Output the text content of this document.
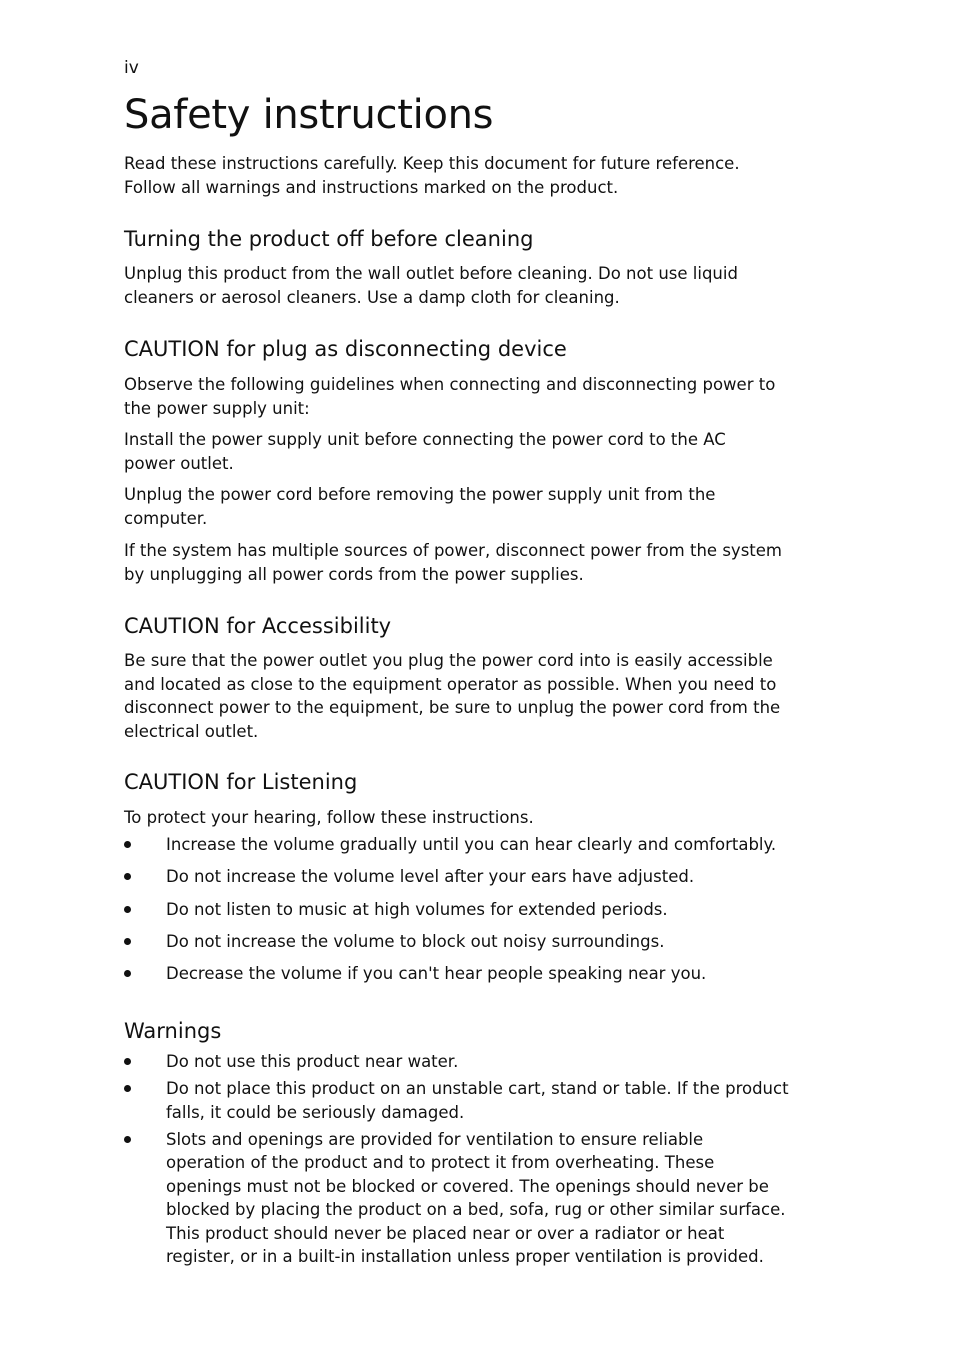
iv

Safety instructions

Read these instructions carefully. Keep this document for future reference.

Follow all warnings and instructions marked on the product.

Turning the product off before cleaning

Unplug this product from the wall outlet before cleaning. Do not use liquid

cleaners or aerosol cleaners. Use a damp cloth for cleaning.

CAUTION for plug as disconnecting device

Observe the following guidelines when connecting and disconnecting power to

the power supply unit:

Install the power supply unit before connecting the power cord to the AC

power outlet.

Unplug the power cord before removing the power supply unit from the

computer.

If the system has multiple sources of power, disconnect power from the system

by unplugging all power cords from the power supplies.

CAUTION for Accessibility

Be sure that the power outlet you plug the power cord into is easily accessible

and located as close to the equipment operator as possible. When you need to

disconnect power to the equipment, be sure to unplug the power cord from the

electrical outlet.

CAUTION for Listening

To protect your hearing, follow these instructions.

Increase the volume gradually until you can hear clearly and comfortably.
Do not increase the volume level after your ears have adjusted.
Do not listen to music at high volumes for extended periods.
Do not increase the volume to block out noisy surroundings.
Decrease the volume if you can't hear people speaking near you.
Warnings
Do not use this product near water.
Do not place this product on an unstable cart, stand or table. If the product
falls, it could be seriously damaged.
Slots and openings are provided for ventilation to ensure reliable
operation of the product and to protect it from overheating. These
openings must not be blocked or covered. The openings should never be
blocked by placing the product on a bed, sofa, rug or other similar surface.
This product should never be placed near or over a radiator or heat
register, or in a built-in installation unless proper ventilation is provided.
